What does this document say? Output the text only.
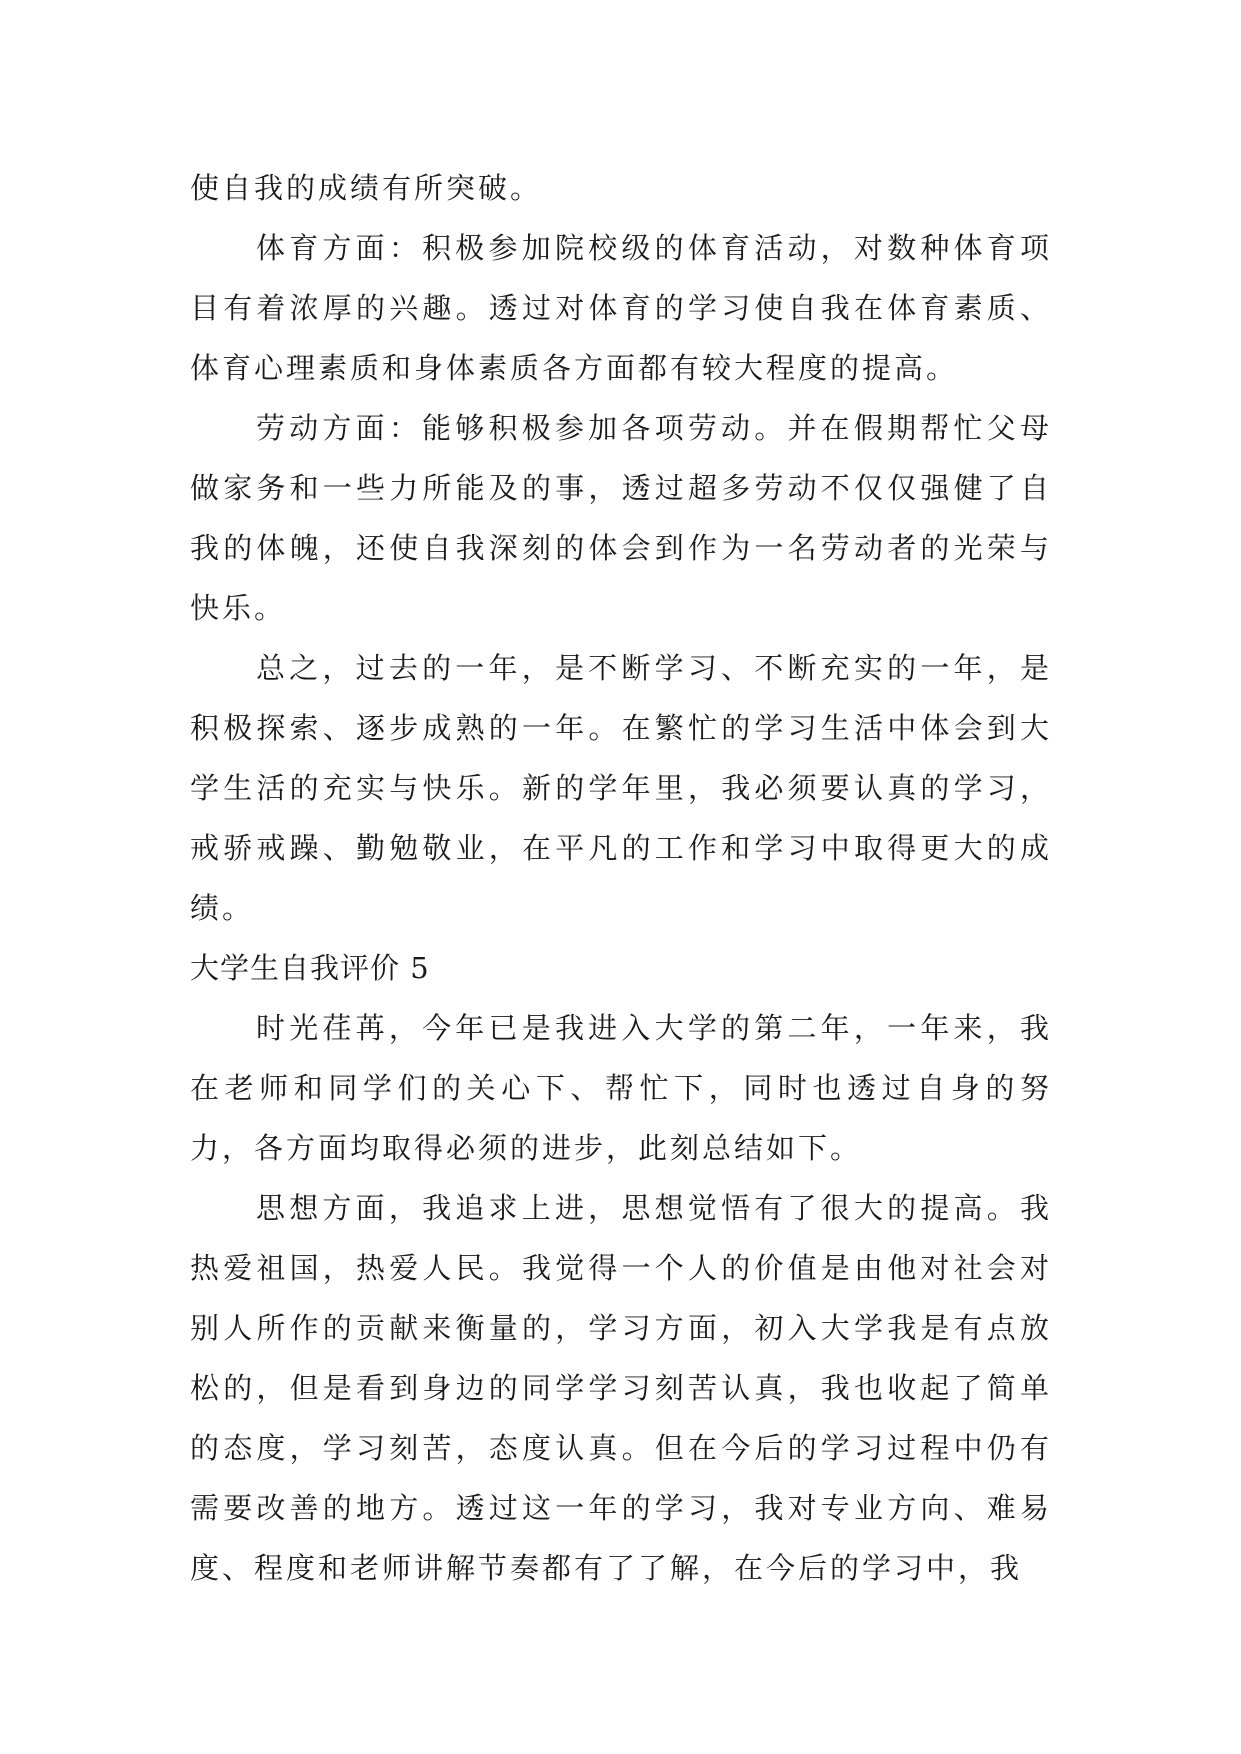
使自我的成绩有所突破。

体育方面：积极参加院校级的体育活动，对数种体育项目有着浓厚的兴趣。透过对体育的学习使自我在体育素质、体育心理素质和身体素质各方面都有较大程度的提高。

劳动方面：能够积极参加各项劳动。并在假期帮忙父母做家务和一些力所能及的事，透过超多劳动不仅仅强健了自我的体魄，还使自我深刻的体会到作为一名劳动者的光荣与快乐。

总之，过去的一年，是不断学习、不断充实的一年，是积极探索、逐步成熟的一年。在繁忙的学习生活中体会到大学生活的充实与快乐。新的学年里，我必须要认真的学习，戒骄戒躁、勤勉敬业，在平凡的工作和学习中取得更大的成绩。

大学生自我评价 5

时光荏苒，今年已是我进入大学的第二年，一年来，我在老师和同学们的关心下、帮忙下，同时也透过自身的努力，各方面均取得必须的进步，此刻总结如下。

思想方面，我追求上进，思想觉悟有了很大的提高。我热爱祖国，热爱人民。我觉得一个人的价值是由他对社会对别人所作的贡献来衡量的，学习方面，初入大学我是有点放松的，但是看到身边的同学学习刻苦认真，我也收起了简单的态度，学习刻苦，态度认真。但在今后的学习过程中仍有需要改善的地方。透过这一年的学习，我对专业方向、难易度、程度和老师讲解节奏都有了了解，在今后的学习中，我
